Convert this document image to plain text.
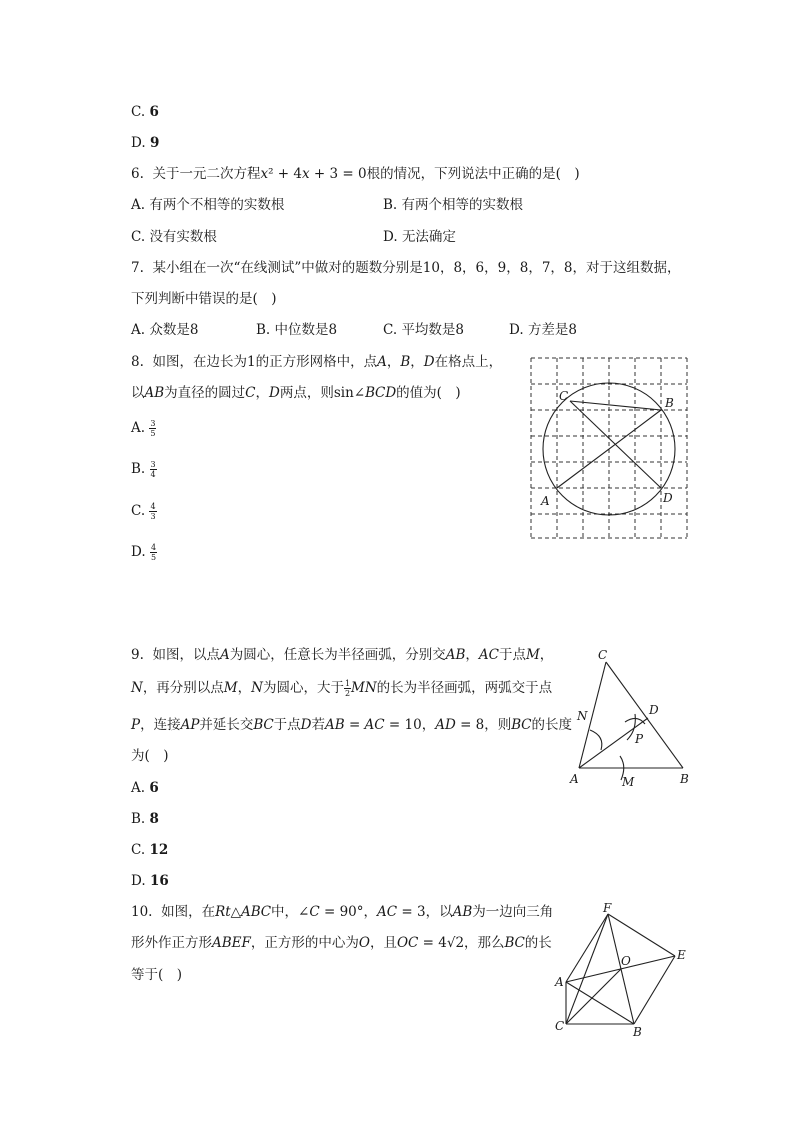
C. 6
D. 9
6. 关于一元二次方程𝑥² + 4𝑥 + 3 = 0根的情况，下列说法中正确的是(　)
A. 有两个不相等的实数根	B. 有两个相等的实数根
C. 没有实数根	D. 无法确定
7. 某小组在一次“在线测试”中做对的题数分别是10，8，6，9，8，7，8，对于这组数据，
下列判断中错误的是(　)
A. 众数是8	B. 中位数是8	C. 平均数是8	D. 方差是8
8. 如图，在边长为1的正方形网格中，点𝐴，𝐵，𝐷在格点上，
以𝐴𝐵为直径的圆过𝐶，𝐷两点，则sin∠𝐵𝐶𝐷的值为(　)
A. $\frac{3}{5}$
B. $\frac{3}{4}$
C. $\frac{4}{3}$
D. $\frac{4}{5}$
C	B
A	D
9. 如图，以点𝐴为圆心，任意长为半径画弧，分别交𝐴𝐵，𝐴𝐶于点𝑀，
𝑁，再分别以点𝑀，𝑁为圆心，大于 $\frac{1}{2}$ 𝑀𝑁的长为半径画弧，两弧交于点
𝑃，连接𝐴𝑃并延长交𝐵𝐶于点𝐷若𝐴𝐵 = 𝐴𝐶 = 10，𝐴𝐷 = 8，则𝐵𝐶的长度
为(　)
A. 6
B. 8
C. 12
D. 16
C
D
N
P
A	M	B
10. 如图，在𝑅𝑡△𝐴𝐵𝐶中，∠𝐶 = 90°，𝐴𝐶 = 3，以𝐴𝐵为一边向三角
形外作正方形𝐴𝐵𝐸𝐹，正方形的中心为𝑂，且𝑂𝐶 = 4√2，那么𝐵𝐶的长
等于(　)
F
E
O
A
C	B
